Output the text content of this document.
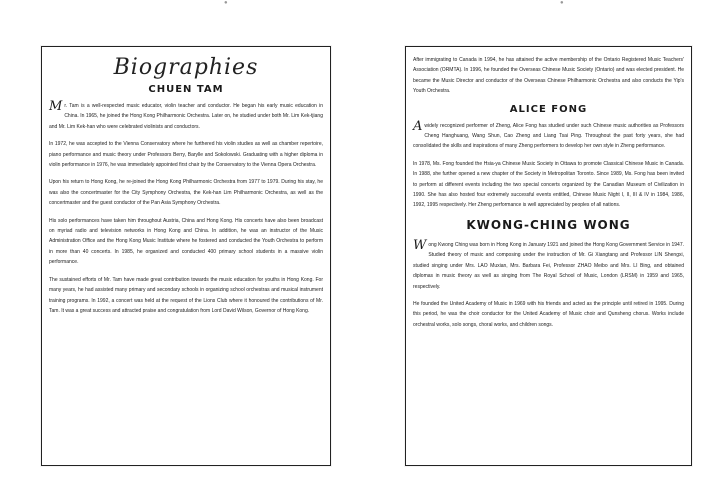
●	●
Biographies
CHUEN TAM

Mr. Tam is a well-respected music educator, violin teacher and conductor. He began his early music education in China. In 1965, he joined the Hong Kong Philharmonic Orchestra. Later on, he studied under both Mr. Lim Kek-tjiang and Mr. Lim Kek-han who were celebrated violinists and conductors.

In 1972, he was accepted to the Vienna Conservatory where he furthered his violin studies as well as chamber repertoire, piano performance and music theory under Professors Berry, Barylle and Sokolowski. Graduating with a higher diploma in violin performance in 1976, he was immediately appointed first chair by the Conservatory to the Vienna Opera Orchestra.

Upon his return to Hong Kong, he re-joined the Hong Kong Philharmonic Orchestra from 1977 to 1979. During his stay, he was also the concertmaster for the City Symphony Orchestra, the Kek-han Lim Philharmonic Orchestra, as well as the concertmaster and the guest conductor of the Pan Asia Symphony Orchestra.

His solo performances have taken him throughout Austria, China and Hong Kong. His concerts have also been broadcast on myriad radio and television networks in Hong Kong and China. In addition, he was an instructor of the Music Administration Office and the Hong Kong Music Institute where he fostered and conducted the Youth Orchestra to perform in more than 40 concerts. In 1985, he organized and conducted 400 primary school students in a massive violin performance.

The sustained efforts of Mr. Tam have made great contribution towards the music education for youths in Hong Kong. For many years, he had assisted many primary and secondary schools in organizing school orchestras and musical instrument training programs. In 1992, a concert was held at the request of the Lions Club where it honoured the contributions of Mr. Tam. It was a great success and attracted praise and congratulation from Lord David Wilson, Governor of Hong Kong.

After immigrating to Canada in 1994, he has attained the active membership of the Ontario Registered Music Teachers' Association (ORMTA). In 1996, he founded the Overseas Chinese Music Society (Ontario) and was elected president. He became the Music Director and conductor of the Overseas Chinese Philharmonic Orchestra and also conducts the Yip's Youth Orchestra.

ALICE FONG

Awidely recognized performer of Zheng, Alice Fong has studied under such Chinese music authorities as Professors Cheng Hanghuang, Wang Shun, Cao Zheng and Liang Tsai Ping. Throughout the past forty years, she had consolidated the skills and inspirations of many Zheng performers to develop her own style in Zheng performance.

In 1978, Ms. Fong founded the Hsia-ya Chinese Music Society in Ottawa to promote Classical Chinese Music in Canada. In 1988, she further opened a new chapter of the Society in Metropolitan Toronto. Since 1989, Ms. Fong has been invited to perform at different events including the two special concerts organized by the Canadian Museum of Civilization in 1990. She has also hosted four extremely successful events entitled, Chinese Music Night I, II, III & IV in 1984, 1986, 1992, 1995 respectively. Her Zheng performance is well appreciated by peoples of all nations.

KWONG-CHING WONG

Wong Kwong Ching was born in Hong Kong in January 1921 and joined the Hong Kong Government Service in 1947. Studied theory of music and composing under the instruction of Mr. Gi Xiangtang and Professor LIN Shengxi, studied singing under Mrs. LAO Muxian, Mrs. Barbara Fei, Professor ZHAO Meibo and Mrs. LI Bing, and obtained diplomas in music theory as well as singing from The Royal School of Music, London (LRSM) in 1959 and 1965, respectively.

He founded the United Academy of Music in 1969 with his friends and acted as the principle until retired in 1995. During this period, he was the choir conductor for the United Academy of Music choir and Qunsheng chorus. Works include orchestral works, solo songs, choral works, and children songs.
